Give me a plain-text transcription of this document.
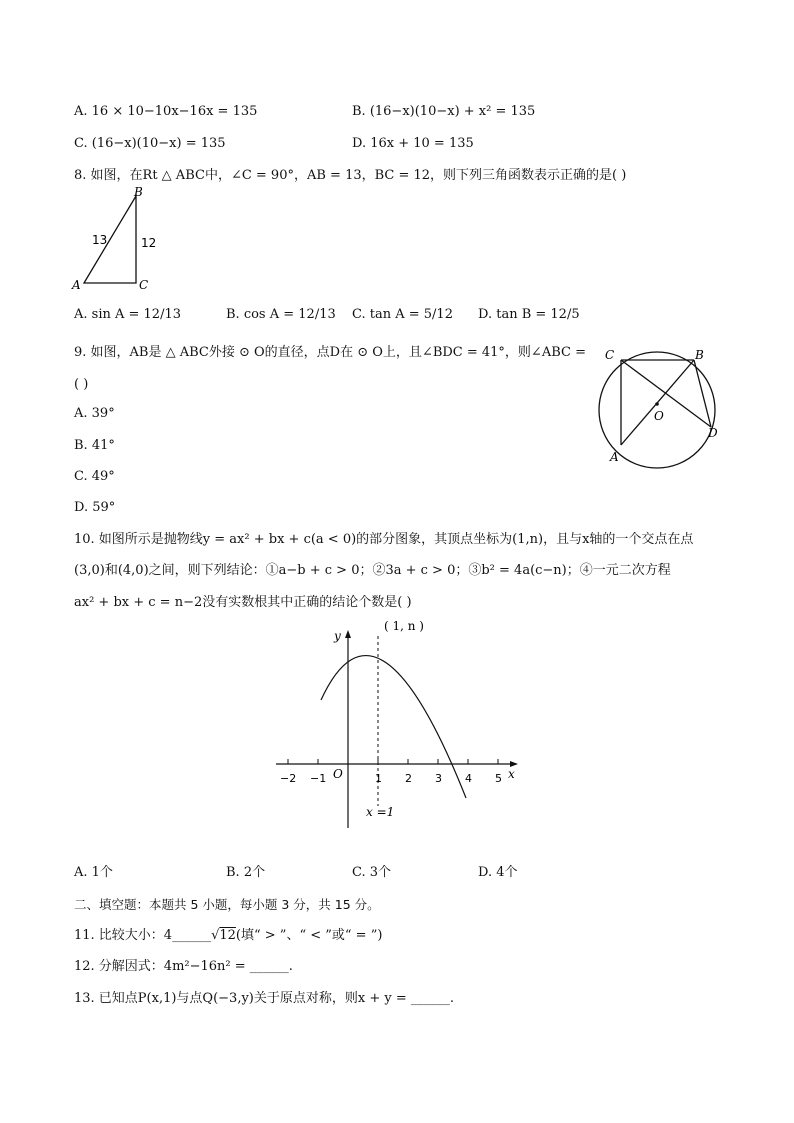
A. 16 × 10−10x−16x = 135	B. (16−x)(10−x) + x² = 135
C. (16−x)(10−x) = 135	D. 16x + 10 = 135
8. 如图，在Rt △ ABC中，∠C = 90°，AB = 13，BC = 12，则下列三角函数表示正确的是( )
B
A	C
13	12
A. sin A = 12/13	B. cos A = 12/13 C. tan A = 5/12 D. tan B = 12/5
9. 如图，AB是 △ ABC外接 ⊙ O的直径，点D在 ⊙ O上，且∠BDC = 41°，则∠ABC =
( )
A. 39°
B. 41°
C. 49°
D. 59°
C	B
O
D
A
10. 如图所示是抛物线y = ax² + bx + c(a < 0)的部分图象，其顶点坐标为(1,n)，且与x轴的一个交点在点
(3,0)和(4,0)之间，则下列结论：①a−b + c > 0；②3a + c > 0；③b² = 4a(c−n)；④一元二次方程
ax² + bx + c = n−2没有实数根其中正确的结论个数是( )
y
x
O
( 1, n )
x =1
−2 −1	1 2 3 4 5
A. 1个	B. 2个	C. 3个	D. 4个
二、填空题：本题共 5 小题，每小题 3 分，共 15 分。
11. 比较大小：4______√12(填“ > ”、“ < ”或“ = ”)
12. 分解因式：4m²−16n² = ______.
13. 已知点P(x,1)与点Q(−3,y)关于原点对称，则x + y = ______.
